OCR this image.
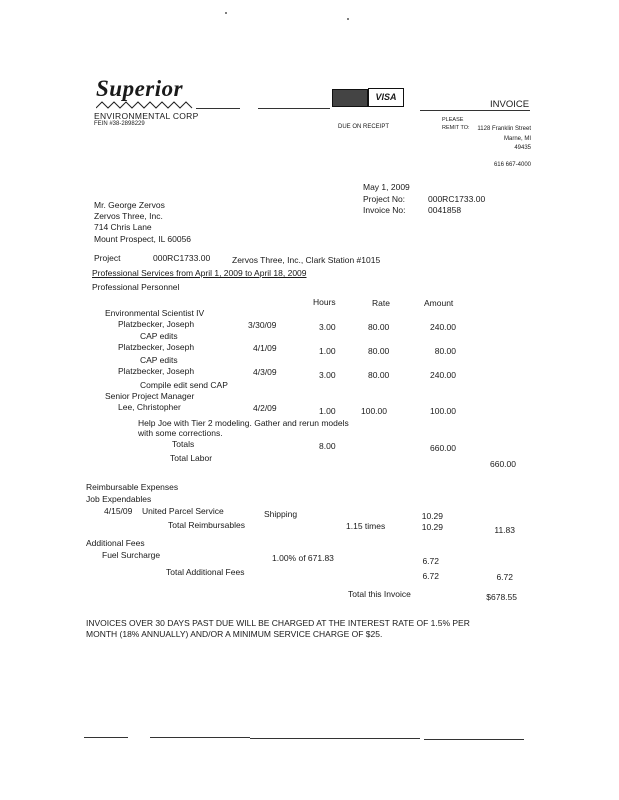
Superior
ENVIRONMENTAL CORP
FEIN #38-2898229
VISA
INVOICE
DUE ON RECEIPT
PLEASE
REMIT TO: 1128 Franklin Street
Marne, MI
49435
616 667-4000
May 1, 2009
Project No:	000RC1733.00
Invoice No:	0041858
Mr. George Zervos
Zervos Three, Inc.
714 Chris Lane
Mount Prospect, IL 60056
Project	000RC1733.00	Zervos Three, Inc., Clark Station #1015
Professional Services from April 1, 2009 to April 18, 2009
Professional Personnel
Hours	Rate	Amount
Environmental Scientist IV
Platzbecker, Joseph	3/30/09	3.00	80.00	240.00
CAP edits
Platzbecker, Joseph	4/1/09	1.00	80.00	80.00
CAP edits
Platzbecker, Joseph	4/3/09	3.00	80.00	240.00
Compile edit send CAP
Senior Project Manager
Lee, Christopher	4/2/09	1.00	100.00	100.00
Help Joe with Tier 2 modeling. Gather and rerun models
with some corrections.
Totals	8.00	660.00
Total Labor
660.00
Reimbursable Expenses
Job Expendables
4/15/09 United Parcel Service	Shipping	10.29
Total Reimbursables	1.15 times	10.29	11.83
Additional Fees
Fuel Surcharge	1.00% of 671.83	6.72
Total Additional Fees	6.72	6.72
Total this Invoice	$678.55
INVOICES OVER 30 DAYS PAST DUE WILL BE CHARGED AT THE INTEREST RATE OF 1.5% PER
MONTH (18% ANNUALLY) AND/OR A MINIMUM SERVICE CHARGE OF $25.
